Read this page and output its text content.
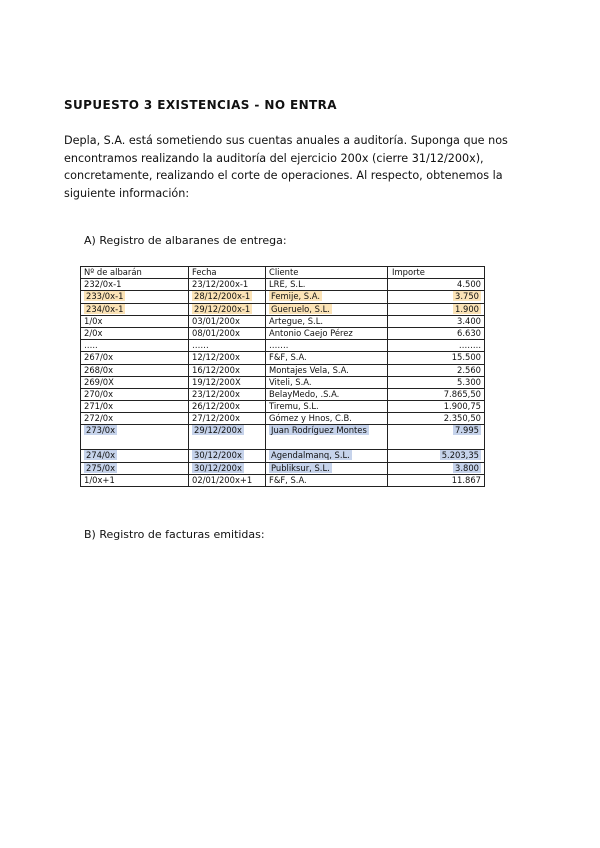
SUPUESTO 3 EXISTENCIAS - NO ENTRA
Depla, S.A. está sometiendo sus cuentas anuales a auditoría. Suponga que nos encontramos realizando la auditoría del ejercicio 200x (cierre 31/12/200x), concretamente, realizando el corte de operaciones. Al respecto, obtenemos la siguiente información:
A) Registro de albaranes de entrega:
Nº de albarán	Fecha	Cliente	Importe
232/0x-1	23/12/200x-1	LRE, S.L.	4.500
233/0x-1	28/12/200x-1	Femije, S.A.	3.750
234/0x-1	29/12/200x-1	Gueruelo, S.L.	1.900
1/0x	03/01/200x	Artegue, S.L.	3.400
2/0x	08/01/200x	Antonio Caejo Pérez	6.630
…..	……	…….	……..
267/0x	12/12/200x	F&F, S.A.	15.500
268/0x	16/12/200x	Montajes Vela, S.A.	2.560
269/0X	19/12/200X	Viteli, S.A.	5.300
270/0x	23/12/200x	BelayMedo, .S.A.	7.865,50
271/0x	26/12/200x	Tiremu, S.L.	1.900,75
272/0x	27/12/200x	Gómez y Hnos, C.B.	2.350,50
273/0x	29/12/200x	Juan Rodríguez Montes	7.995
274/0x	30/12/200x	Agendalmanq, S.L.	5.203,35
275/0x	30/12/200x	Publiksur, S.L.	3.800
1/0x+1	02/01/200x+1	F&F, S.A.	11.867
B) Registro de facturas emitidas:
